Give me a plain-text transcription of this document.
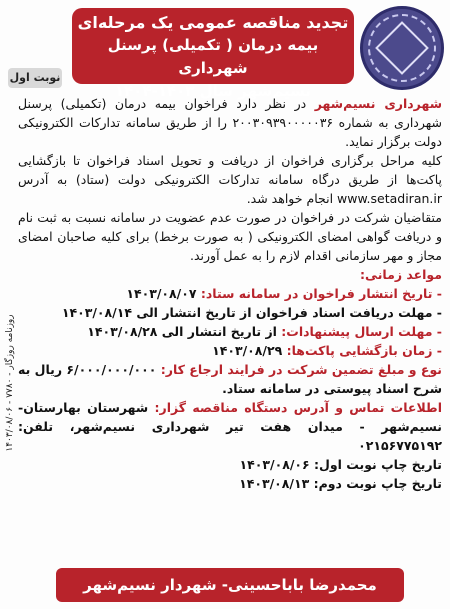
تجدید مناقصه عمومی یک مرحله‌ای
بیمه درمان ( تکمیلی) پرسنل شهرداری
نسیم‌شهر سال ۱۴۰۳-۱۴۰۴
نوبت اول
روزنامه روزگار - ۷۷۸۰ - ۱۴۰۳/۰۸/۰۶

شهرداری نسیم‌شهر در نظر دارد فراخوان بیمه درمان (تکمیلی) پرسنل شهرداری به شماره ۲۰۰۳۰۹۳۹۰۰۰۰۰۳۶ را از طریق سامانه تدارکات الکترونیکی دولت برگزار نماید.

کلیه مراحل برگزاری فراخوان از دریافت و تحویل اسناد فراخوان تا بازگشایی پاکت‌ها از طریق درگاه سامانه تدارکات الکترونیکی دولت (ستاد) به آدرس www.setadiran.ir انجام خواهد شد.

متقاضیان شرکت در فراخوان در صورت عدم عضویت در سامانه نسبت به ثبت نام و دریافت گواهی امضای الکترونیکی ( به صورت برخط) برای کلیه صاحبان امضای مجاز و مهر سازمانی اقدام لازم را به عمل آورند.

مواعد زمانی:

- تاریخ انتشار فراخوان در سامانه ستاد: ۱۴۰۳/۰۸/۰۷

- مهلت دریافت اسناد فراخوان از تاریخ انتشار الی ۱۴۰۳/۰۸/۱۴

- مهلت ارسال پیشنهادات: از تاریخ انتشار الی ۱۴۰۳/۰۸/۲۸

- زمان بازگشایی پاکت‌ها: ۱۴۰۳/۰۸/۲۹

نوع و مبلغ تضمین شرکت در فرایند ارجاع کار: ۶/۰۰۰/۰۰۰/۰۰۰ ریال به شرح اسناد پیوستی در سامانه ستاد.

اطلاعات تماس و آدرس دستگاه مناقصه گزار: شهرستان بهارستان- نسیم‌شهر - میدان هفت تیر شهرداری نسیم‌شهر، تلفن: ۰۲۱۵۶۷۷۵۱۹۲

تاریخ چاپ نوبت اول: ۱۴۰۳/۰۸/۰۶

تاریخ چاپ نوبت دوم: ۱۴۰۳/۰۸/۱۳

محمدرضا باباحسینی- شهردار نسیم‌شهر
